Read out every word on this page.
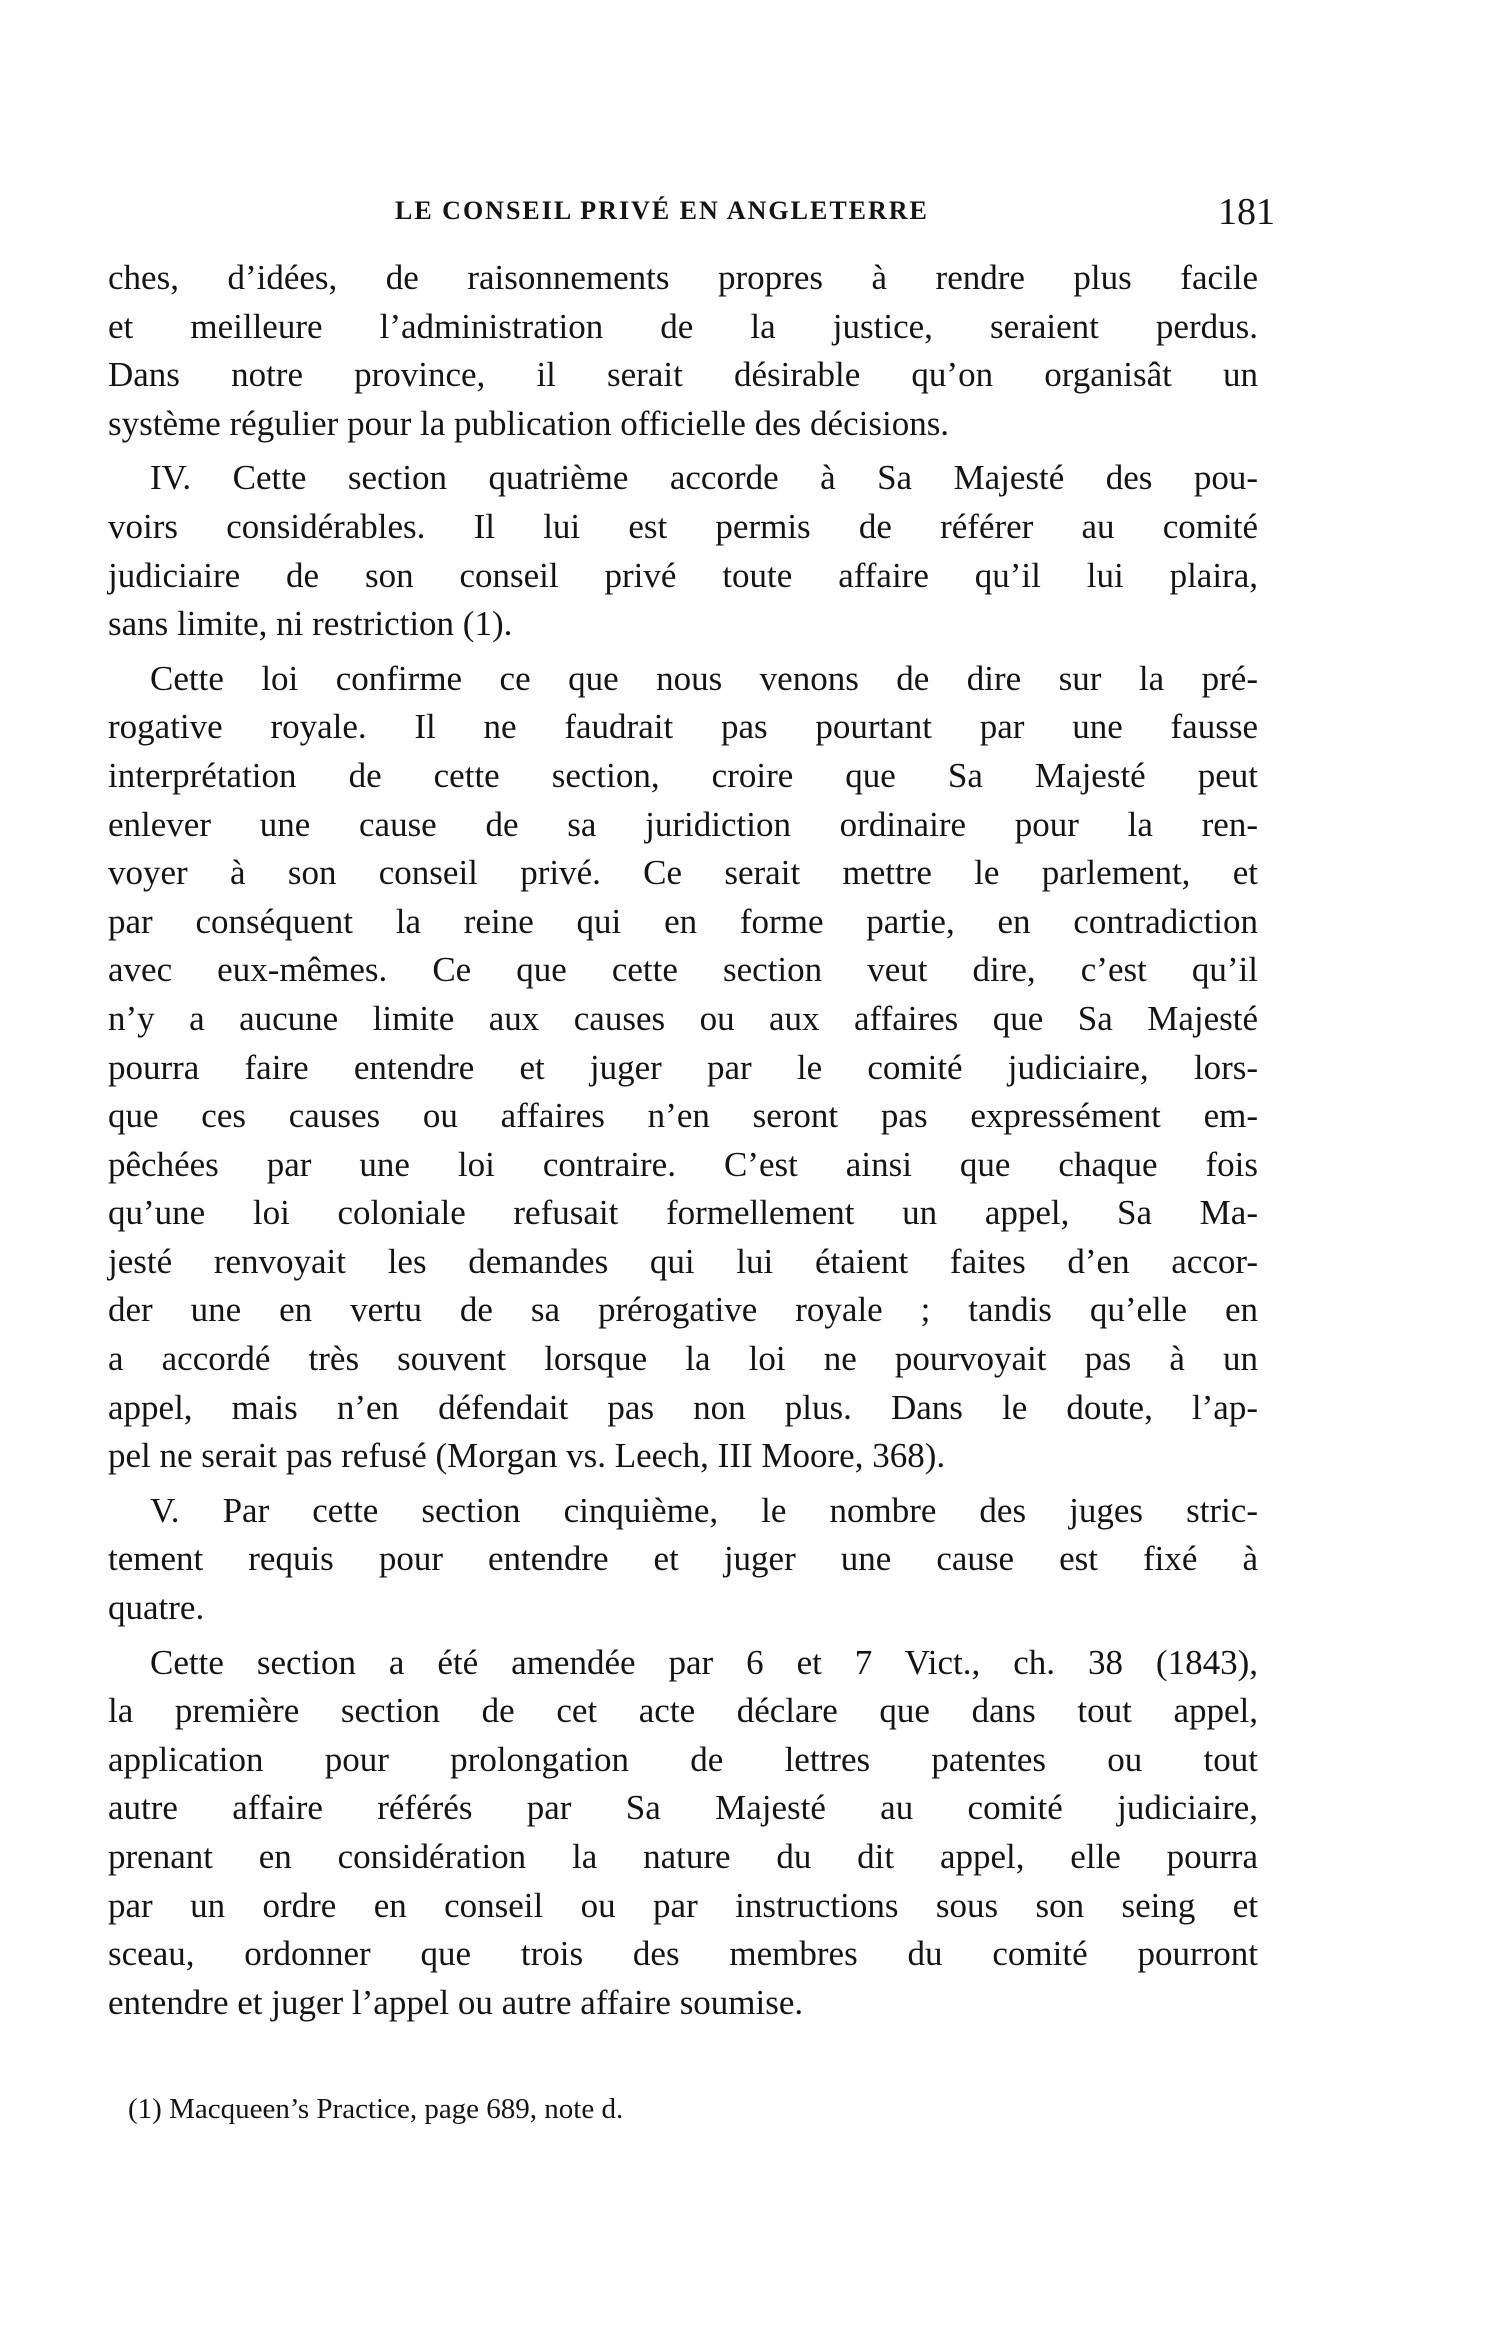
LE CONSEIL PRIVÉ EN ANGLETERRE	181
ches, d’idées, de raisonnements propres à rendre plus facile
et meilleure l’administration de la justice, seraient perdus.
Dans notre province, il serait désirable qu’on organisât un
système régulier pour la publication officielle des décisions.
IV. Cette section quatrième accorde à Sa Majesté des pou-
voirs considérables. Il lui est permis de référer au comité
judiciaire de son conseil privé toute affaire qu’il lui plaira,
sans limite, ni restriction (1).
Cette loi confirme ce que nous venons de dire sur la pré-
rogative royale. Il ne faudrait pas pourtant par une fausse
interprétation de cette section, croire que Sa Majesté peut
enlever une cause de sa juridiction ordinaire pour la ren-
voyer à son conseil privé. Ce serait mettre le parlement, et
par conséquent la reine qui en forme partie, en contradiction
avec eux-mêmes. Ce que cette section veut dire, c’est qu’il
n’y a aucune limite aux causes ou aux affaires que Sa Majesté
pourra faire entendre et juger par le comité judiciaire, lors-
que ces causes ou affaires n’en seront pas expressément em-
pêchées par une loi contraire. C’est ainsi que chaque fois
qu’une loi coloniale refusait formellement un appel, Sa Ma-
jesté renvoyait les demandes qui lui étaient faites d’en accor-
der une en vertu de sa prérogative royale ; tandis qu’elle en
a accordé très souvent lorsque la loi ne pourvoyait pas à un
appel, mais n’en défendait pas non plus. Dans le doute, l’ap-
pel ne serait pas refusé (Morgan vs. Leech, III Moore, 368).
V. Par cette section cinquième, le nombre des juges stric-
tement requis pour entendre et juger une cause est fixé à
quatre.
Cette section a été amendée par 6 et 7 Vict., ch. 38 (1843),
la première section de cet acte déclare que dans tout appel,
application pour prolongation de lettres patentes ou tout
autre affaire référés par Sa Majesté au comité judiciaire,
prenant en considération la nature du dit appel, elle pourra
par un ordre en conseil ou par instructions sous son seing et
sceau, ordonner que trois des membres du comité pourront
entendre et juger l’appel ou autre affaire soumise.
(1) Macqueen’s Practice, page 689, note d.
